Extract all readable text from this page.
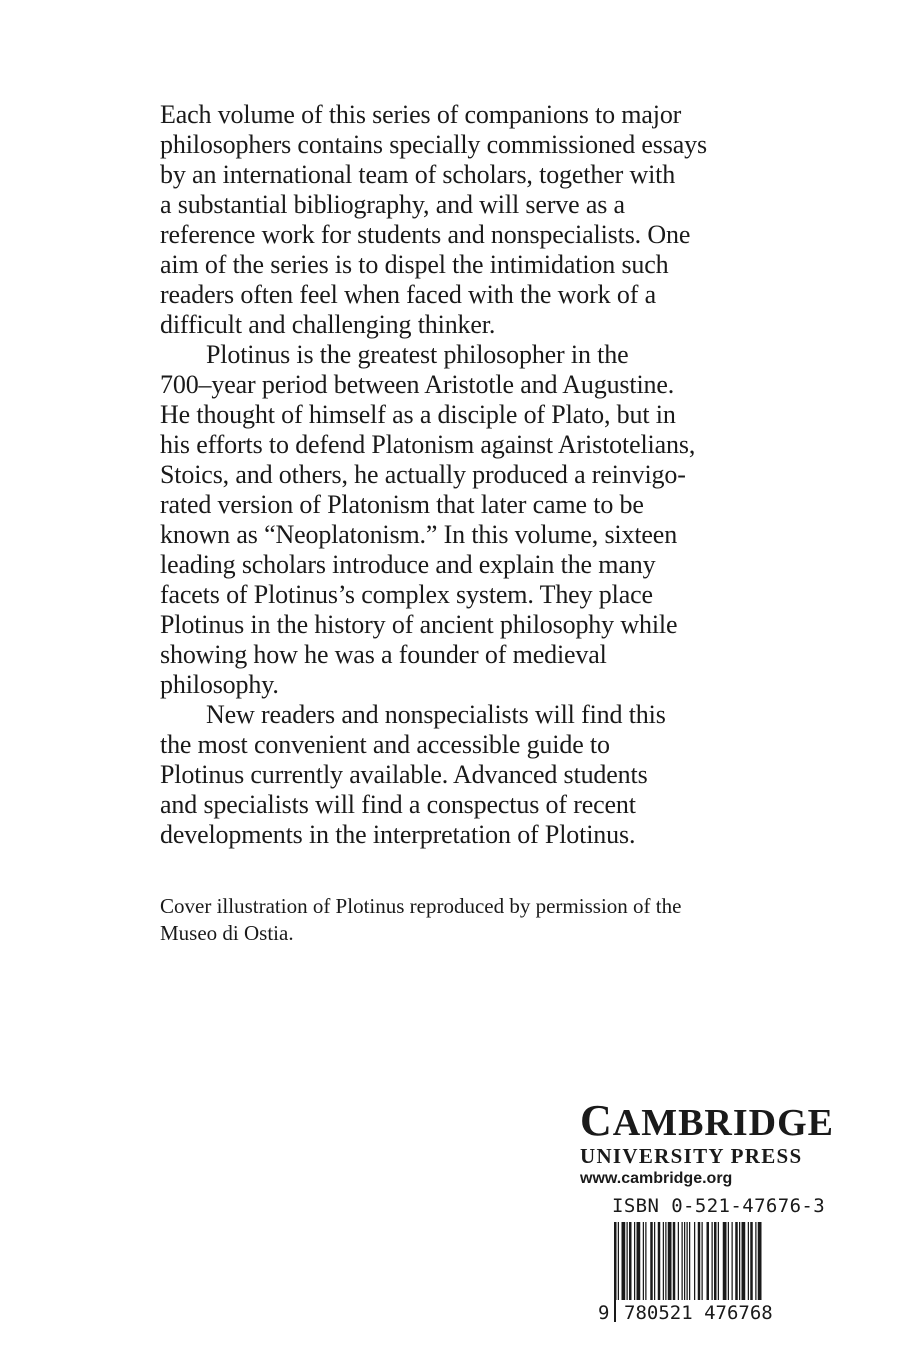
Each volume of this series of companions to major
philosophers contains specially commissioned essays
by an international team of scholars, together with
a substantial bibliography, and will serve as a
reference work for students and nonspecialists. One
aim of the series is to dispel the intimidation such
readers often feel when faced with the work of a
difficult and challenging thinker.

Plotinus is the greatest philosopher in the
700–year period between Aristotle and Augustine.
He thought of himself as a disciple of Plato, but in
his efforts to defend Platonism against Aristotelians,
Stoics, and others, he actually produced a reinvigo-
rated version of Platonism that later came to be
known as “Neoplatonism.” In this volume, sixteen
leading scholars introduce and explain the many
facets of Plotinus’s complex system. They place
Plotinus in the history of ancient philosophy while
showing how he was a founder of medieval
philosophy.

New readers and nonspecialists will find this
the most convenient and accessible guide to
Plotinus currently available. Advanced students
and specialists will find a conspectus of recent
developments in the interpretation of Plotinus.

Cover illustration of Plotinus reproduced by permission of the
Museo di Ostia.
CAMBRIDGE
UNIVERSITY PRESS
www.cambridge.org
ISBN 0-521-47676-3
9 780521 476768
